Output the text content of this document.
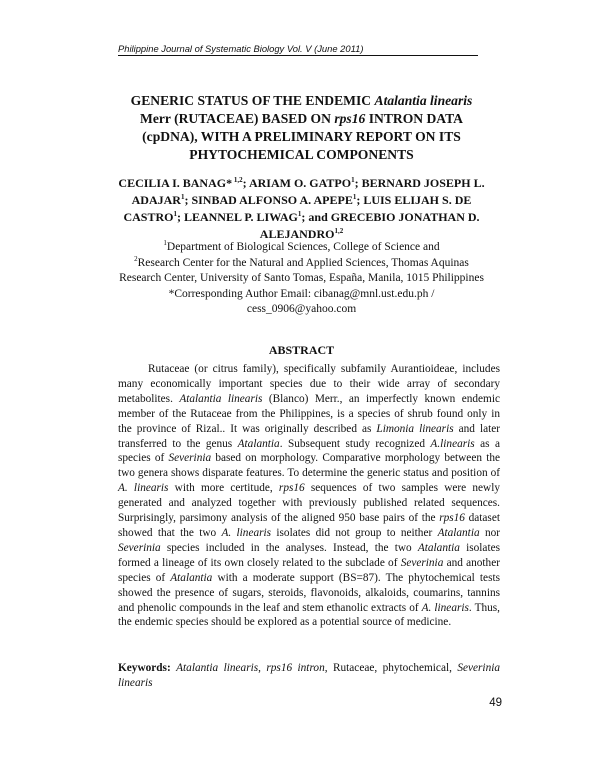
Philippine Journal of Systematic Biology Vol. V (June 2011)
GENERIC STATUS OF THE ENDEMIC Atalantia linearis Merr (RUTACEAE) BASED ON rps16 INTRON DATA (cpDNA), WITH A PRELIMINARY REPORT ON ITS PHYTOCHEMICAL COMPONENTS
CECILIA I. BANAG* $^{1,2}$; ARIAM O. GATPO$^1$; BERNARD JOSEPH L. ADAJAR$^1$; SINBAD ALFONSO A. APEPE$^1$; LUIS ELIJAH S. DE CASTRO$^1$; LEANNEL P. LIWAG$^1$; and GRECEBIO JONATHAN D. ALEJANDRO$^{1,2}$
$^1$Department of Biological Sciences, College of Science and
$^2$Research Center for the Natural and Applied Sciences, Thomas Aquinas Research Center, University of Santo Tomas, España, Manila, 1015 Philippines
*Corresponding Author Email: cibanag@mnl.ust.edu.ph / cess_0906@yahoo.com
ABSTRACT

Rutaceae (or citrus family), specifically subfamily Aurantioideae, includes many economically important species due to their wide array of secondary metabolites. Atalantia linearis (Blanco) Merr., an imperfectly known endemic member of the Rutaceae from the Philippines, is a species of shrub found only in the province of Rizal.. It was originally described as Limonia linearis and later transferred to the genus Atalantia. Subsequent study recognized A.linearis as a species of Severinia based on morphology. Comparative morphology between the two genera shows disparate features. To determine the generic status and position of A. linearis with more certitude, rps16 sequences of two samples were newly generated and analyzed together with previously published related sequences. Surprisingly, parsimony analysis of the aligned 950 base pairs of the rps16 dataset showed that the two A. linearis isolates did not group to neither Atalantia nor Severinia species included in the analyses. Instead, the two Atalantia isolates formed a lineage of its own closely related to the subclade of Severinia and another species of Atalantia with a moderate support (BS=87). The phytochemical tests showed the presence of sugars, steroids, flavonoids, alkaloids, coumarins, tannins and phenolic compounds in the leaf and stem ethanolic extracts of A. linearis. Thus, the endemic species should be explored as a potential source of medicine.

Keywords: Atalantia linearis, rps16 intron, Rutaceae, phytochemical, Severinia linearis
49
